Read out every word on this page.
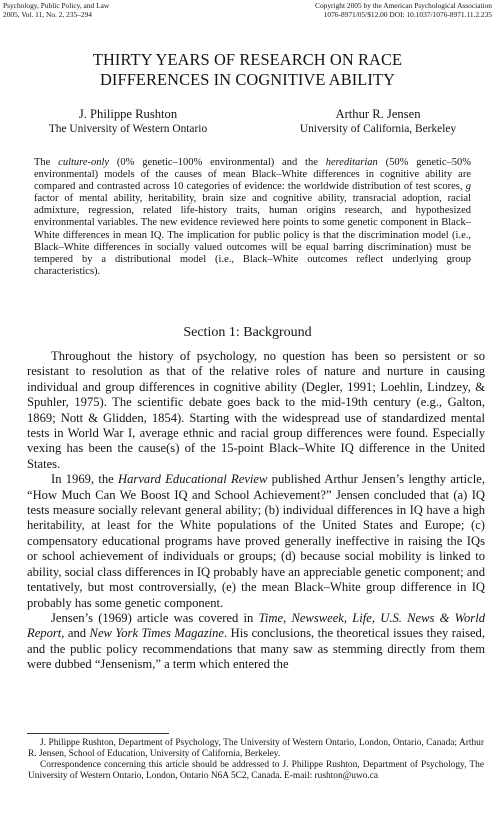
Psychology, Public Policy, and Law
2005, Vol. 11, No. 2, 235–294
Copyright 2005 by the American Psychological Association
1076-8971/05/$12.00 DOI: 10.1037/1076-8971.11.2.235
THIRTY YEARS OF RESEARCH ON RACE
DIFFERENCES IN COGNITIVE ABILITY
J. Philippe Rushton
The University of Western Ontario
Arthur R. Jensen
University of California, Berkeley
The culture-only (0% genetic–100% environmental) and the hereditarian (50% genetic–50% environmental) models of the causes of mean Black–White differences in cognitive ability are compared and contrasted across 10 categories of evidence: the worldwide distribution of test scores, g factor of mental ability, heritability, brain size and cognitive ability, transracial adoption, racial admixture, regression, related life-history traits, human origins research, and hypothesized environmental variables. The new evidence reviewed here points to some genetic component in Black–White differences in mean IQ. The implication for public policy is that the discrimination model (i.e., Black–White differences in socially valued outcomes will be equal barring discrimination) must be tempered by a distributional model (i.e., Black–White outcomes reflect underlying group characteristics).
Section 1: Background

Throughout the history of psychology, no question has been so persistent or so resistant to resolution as that of the relative roles of nature and nurture in causing individual and group differences in cognitive ability (Degler, 1991; Loehlin, Lindzey, & Spuhler, 1975). The scientific debate goes back to the mid-19th century (e.g., Galton, 1869; Nott & Glidden, 1854). Starting with the widespread use of standardized mental tests in World War I, average ethnic and racial group differences were found. Especially vexing has been the cause(s) of the 15-point Black–White IQ difference in the United States.

In 1969, the Harvard Educational Review published Arthur Jensen’s lengthy article, “How Much Can We Boost IQ and School Achievement?” Jensen concluded that (a) IQ tests measure socially relevant general ability; (b) individual differences in IQ have a high heritability, at least for the White populations of the United States and Europe; (c) compensatory educational programs have proved generally ineffective in raising the IQs or school achievement of individuals or groups; (d) because social mobility is linked to ability, social class differences in IQ probably have an appreciable genetic component; and tentatively, but most controversially, (e) the mean Black–White group difference in IQ probably has some genetic component.

Jensen’s (1969) article was covered in Time, Newsweek, Life, U.S. News & World Report, and New York Times Magazine. His conclusions, the theoretical issues they raised, and the public policy recommendations that many saw as stemming directly from them were dubbed “Jensenism,” a term which entered the

J. Philippe Rushton, Department of Psychology, The University of Western Ontario, London, Ontario, Canada; Arthur R. Jensen, School of Education, University of California, Berkeley.

Correspondence concerning this article should be addressed to J. Philippe Rushton, Department of Psychology, The University of Western Ontario, London, Ontario N6A 5C2, Canada. E-mail: rushton@uwo.ca
